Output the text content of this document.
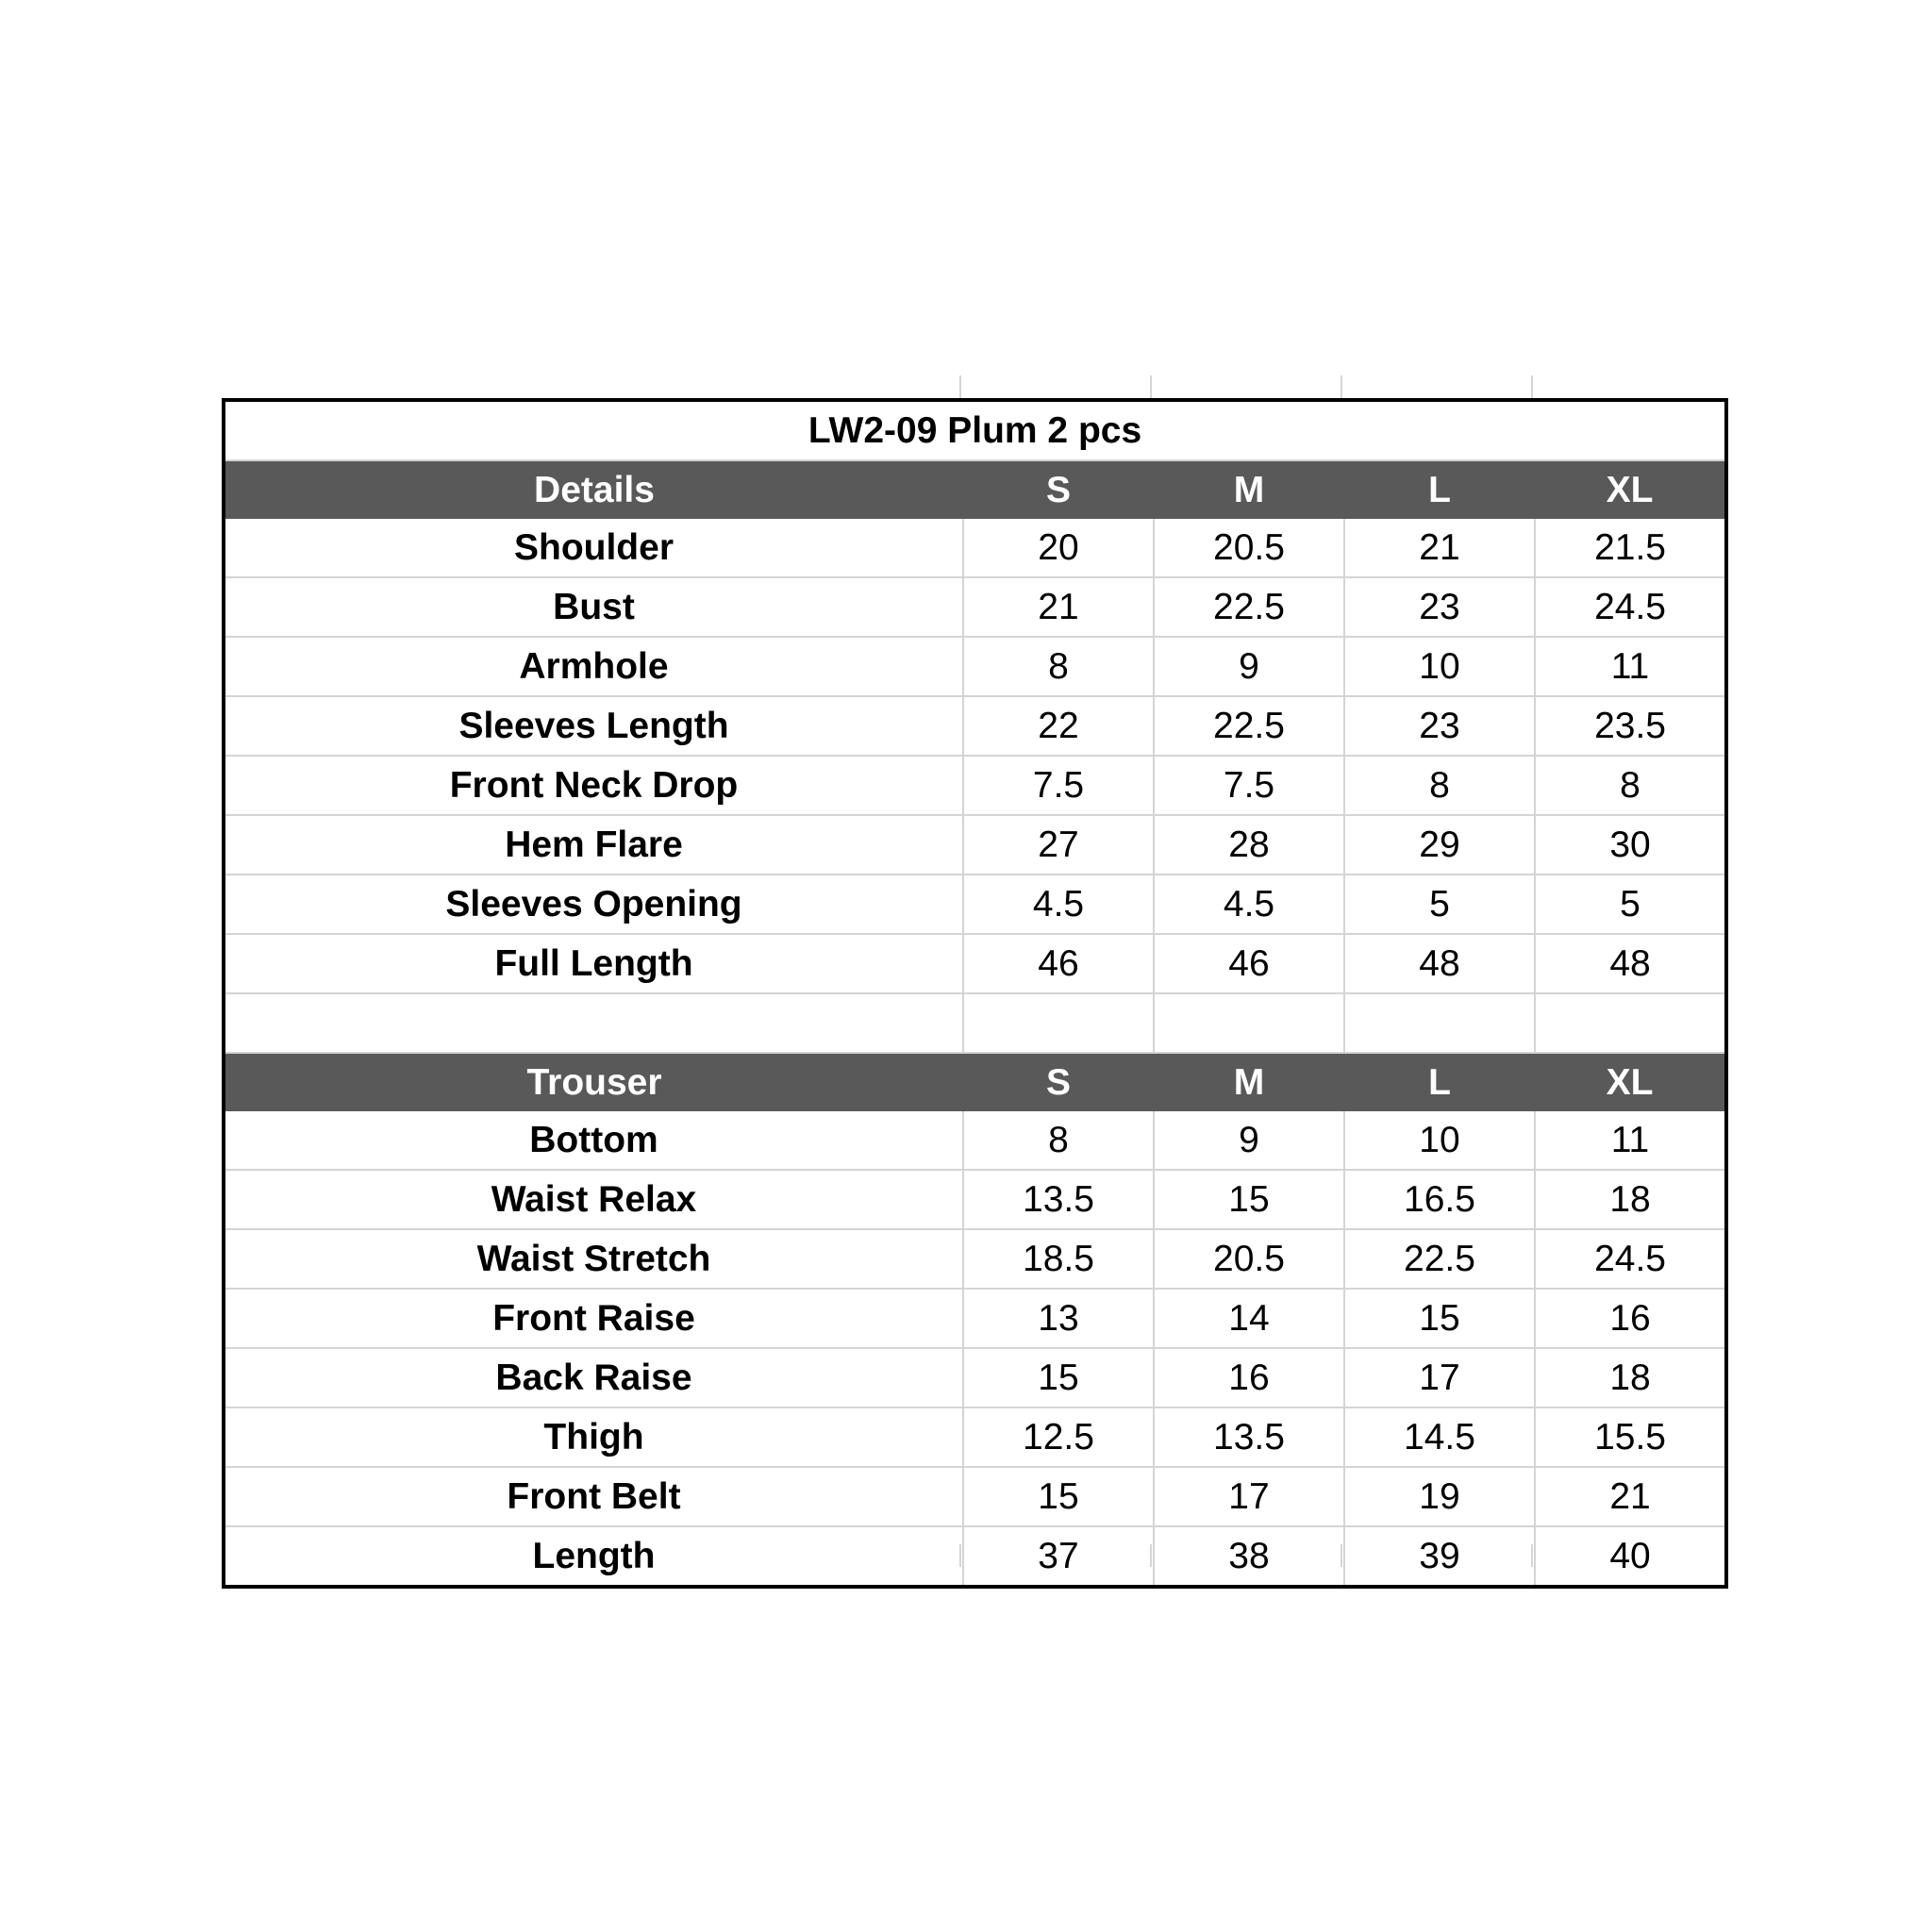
LW2-09 Plum 2 pcs				
Details	S	M	L	XL
Shoulder	20	20.5	21	21.5
Bust	21	22.5	23	24.5
Armhole	8	9	10	11
Sleeves Length	22	22.5	23	23.5
Front Neck Drop	7.5	7.5	8	8
Hem Flare	27	28	29	30
Sleeves Opening	4.5	4.5	5	5
Full Length	46	46	48	48

Trouser	S	M	L	XL
Bottom	8	9	10	11
Waist Relax	13.5	15	16.5	18
Waist Stretch	18.5	20.5	22.5	24.5
Front Raise	13	14	15	16
Back Raise	15	16	17	18
Thigh	12.5	13.5	14.5	15.5
Front Belt	15	17	19	21
Length	37	38	39	40
